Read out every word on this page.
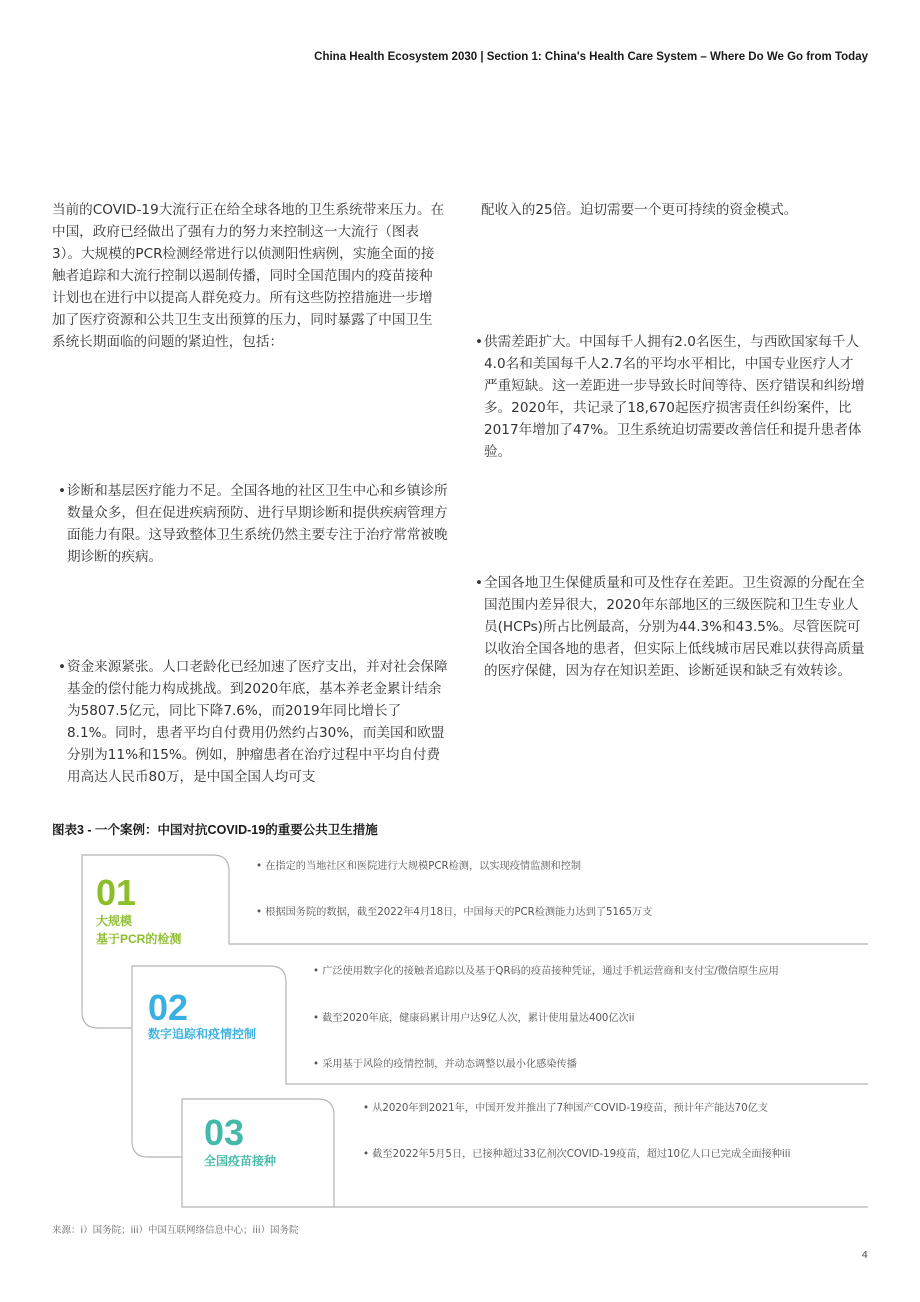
China Health Ecosystem 2030 | Section 1: China's Health Care System – Where Do We Go from Today

当前的COVID-19大流行正在给全球各地的卫生系统带来压力。在中国，政府已经做出了强有力的努力来控制这一大流行（图表3）。大规模的PCR检测经常进行以侦测阳性病例，实施全面的接触者追踪和大流行控制以遏制传播，同时全国范围内的疫苗接种计划也在进行中以提高人群免疫力。所有这些防控措施进一步增加了医疗资源和公共卫生支出预算的压力，同时暴露了中国卫生系统长期面临的问题的紧迫性，包括：

• 诊断和基层医疗能力不足。全国各地的社区卫生中心和乡镇诊所数量众多，但在促进疾病预防、进行早期诊断和提供疾病管理方面能力有限。这导致整体卫生系统仍然主要专注于治疗常常被晚期诊断的疾病。
• 资金来源紧张。人口老龄化已经加速了医疗支出，并对社会保障基金的偿付能力构成挑战。到2020年底，基本养老金累计结余为5807.5亿元，同比下降7.6%，而2019年同比增长了8.1%。同时，患者平均自付费用仍然约占30%，而美国和欧盟分别为11%和15%。例如，肿瘤患者在治疗过程中平均自付费用高达人民币80万，是中国全国人均可支

配收入的25倍。迫切需要一个更可持续的资金模式。

• 供需差距扩大。中国每千人拥有2.0名医生，与西欧国家每千人4.0名和美国每千人2.7名的平均水平相比，中国专业医疗人才严重短缺。这一差距进一步导致长时间等待、医疗错误和纠纷增多。2020年，共记录了18,670起医疗损害责任纠纷案件，比2017年增加了47%。卫生系统迫切需要改善信任和提升患者体验。
• 全国各地卫生保健质量和可及性存在差距。卫生资源的分配在全国范围内差异很大，2020年东部地区的三级医院和卫生专业人员(HCPs)所占比例最高，分别为44.3%和43.5%。尽管医院可以收治全国各地的患者，但实际上低线城市居民难以获得高质量的医疗保健，因为存在知识差距、诊断延误和缺乏有效转诊。
图表3 - 一个案例：中国对抗COVID-19的重要公共卫生措施
01
大规模
基于PCR的检测
• 在指定的当地社区和医院进行大规模PCR检测，以实现疫情监测和控制
• 根据国务院的数据，截至2022年4月18日，中国每天的PCR检测能力达到了5165万支
02
数字追踪和疫情控制
• 广泛使用数字化的接触者追踪以及基于QR码的疫苗接种凭证，通过手机运营商和支付宝/微信原生应用
• 截至2020年底，健康码累计用户达9亿人次，累计使用量达400亿次ii
• 采用基于风险的疫情控制，并动态调整以最小化感染传播
03
全国疫苗接种
• 从2020年到2021年，中国开发并推出了7种国产COVID-19疫苗，预计年产能达70亿支
• 截至2022年5月5日，已接种超过33亿剂次COVID-19疫苗，超过10亿人口已完成全面接种iii
来源：i）国务院；iii）中国互联网络信息中心；iii）国务院
4
